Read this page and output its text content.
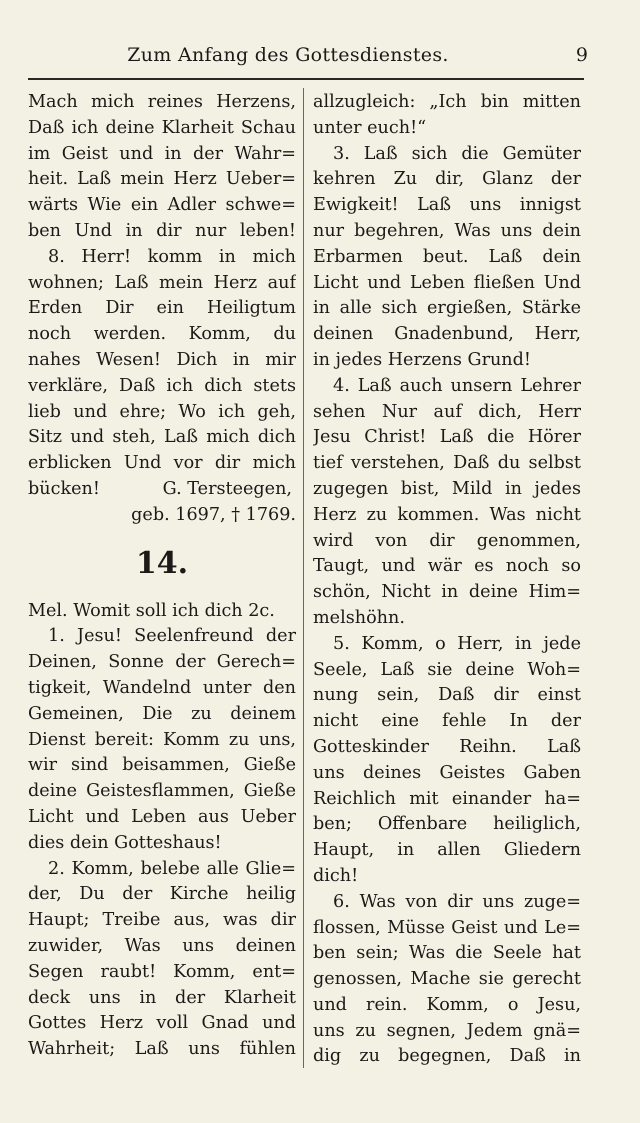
Zum Anfang des Gottesdienstes.	9
Mach mich reines Herzens,
Daß ich deine Klarheit Schau
im Geist und in der Wahr=
heit. Laß mein Herz Ueber=
wärts Wie ein Adler schwe=
ben Und in dir nur leben!
8. Herr! komm in mich
wohnen; Laß mein Herz auf
Erden Dir ein Heiligtum
noch werden. Komm, du
nahes Wesen! Dich in mir
verkläre, Daß ich dich stets
lieb und ehre; Wo ich geh,
Sitz und steh, Laß mich dich
erblicken Und vor dir mich
bücken!	G. Tersteegen,
geb. 1697, † 1769.
14.
Mel. Womit soll ich dich 2c.
1. Jesu! Seelenfreund der
Deinen, Sonne der Gerech=
tigkeit, Wandelnd unter den
Gemeinen, Die zu deinem
Dienst bereit: Komm zu uns,
wir sind beisammen, Gieße
deine Geistesflammen, Gieße
Licht und Leben aus Ueber
dies dein Gotteshaus!
2. Komm, belebe alle Glie=
der, Du der Kirche heilig
Haupt; Treibe aus, was dir
zuwider, Was uns deinen
Segen raubt! Komm, ent=
deck uns in der Klarheit
Gottes Herz voll Gnad und
Wahrheit; Laß uns fühlen
allzugleich: „Ich bin mitten
unter euch!“
3. Laß sich die Gemüter
kehren Zu dir, Glanz der
Ewigkeit! Laß uns innigst
nur begehren, Was uns dein
Erbarmen beut. Laß dein
Licht und Leben fließen Und
in alle sich ergießen, Stärke
deinen Gnadenbund, Herr,
in jedes Herzens Grund!
4. Laß auch unsern Lehrer
sehen Nur auf dich, Herr
Jesu Christ! Laß die Hörer
tief verstehen, Daß du selbst
zugegen bist, Mild in jedes
Herz zu kommen. Was nicht
wird von dir genommen,
Taugt, und wär es noch so
schön, Nicht in deine Him=
melshöhn.
5. Komm, o Herr, in jede
Seele, Laß sie deine Woh=
nung sein, Daß dir einst
nicht eine fehle In der
Gotteskinder Reihn. Laß
uns deines Geistes Gaben
Reichlich mit einander ha=
ben; Offenbare heiliglich,
Haupt, in allen Gliedern
dich!
6. Was von dir uns zuge=
flossen, Müsse Geist und Le=
ben sein; Was die Seele hat
genossen, Mache sie gerecht
und rein. Komm, o Jesu,
uns zu segnen, Jedem gnä=
dig zu begegnen, Daß in
